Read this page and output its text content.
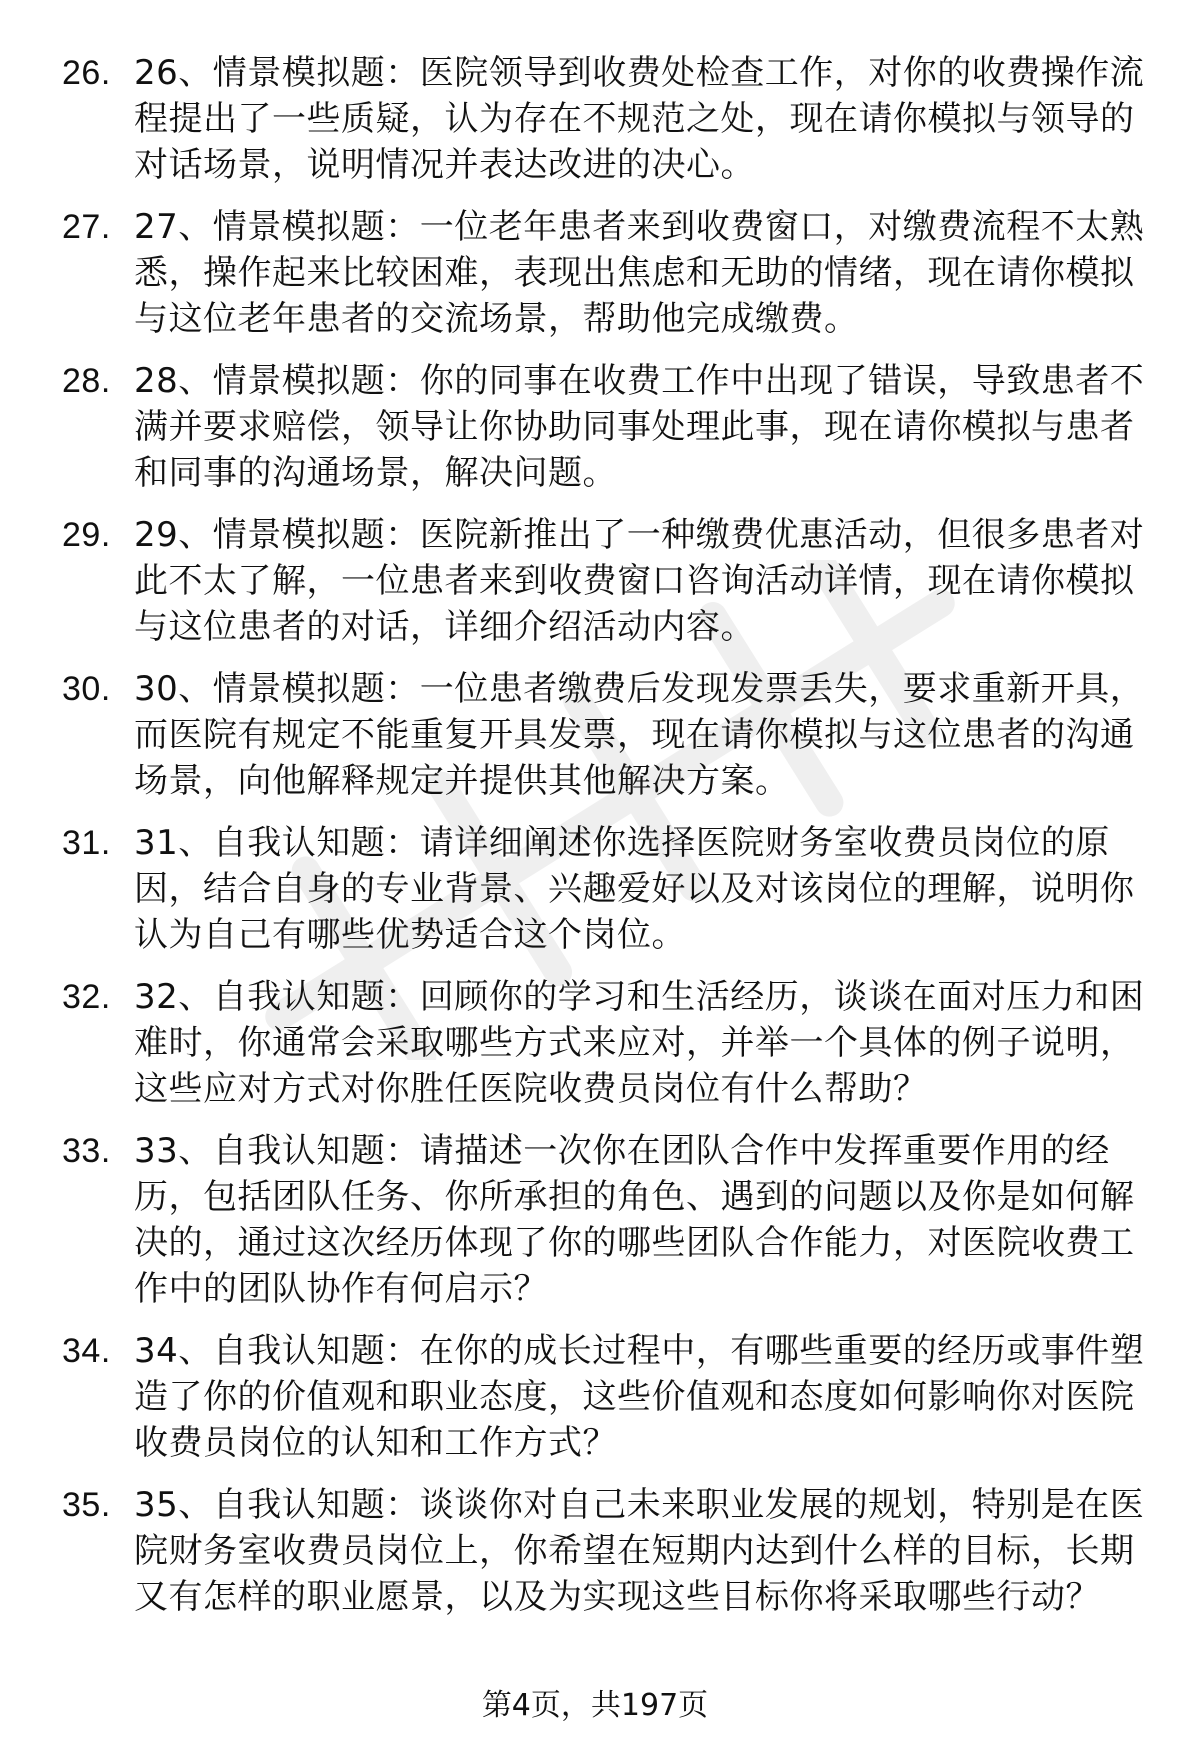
26. 26、情景模拟题：医院领导到收费处检查工作，对你的收费操作流程提出了一些质疑，认为存在不规范之处，现在请你模拟与领导的对话场景，说明情况并表达改进的决心。
27. 27、情景模拟题：一位老年患者来到收费窗口，对缴费流程不太熟悉，操作起来比较困难，表现出焦虑和无助的情绪，现在请你模拟与这位老年患者的交流场景，帮助他完成缴费。
28. 28、情景模拟题：你的同事在收费工作中出现了错误，导致患者不满并要求赔偿，领导让你协助同事处理此事，现在请你模拟与患者和同事的沟通场景，解决问题。
29. 29、情景模拟题：医院新推出了一种缴费优惠活动，但很多患者对此不太了解，一位患者来到收费窗口咨询活动详情，现在请你模拟与这位患者的对话，详细介绍活动内容。
30. 30、情景模拟题：一位患者缴费后发现发票丢失，要求重新开具，而医院有规定不能重复开具发票，现在请你模拟与这位患者的沟通场景，向他解释规定并提供其他解决方案。
31. 31、自我认知题：请详细阐述你选择医院财务室收费员岗位的原因，结合自身的专业背景、兴趣爱好以及对该岗位的理解，说明你认为自己有哪些优势适合这个岗位。
32. 32、自我认知题：回顾你的学习和生活经历，谈谈在面对压力和困难时，你通常会采取哪些方式来应对，并举一个具体的例子说明，这些应对方式对你胜任医院收费员岗位有什么帮助？
33. 33、自我认知题：请描述一次你在团队合作中发挥重要作用的经历，包括团队任务、你所承担的角色、遇到的问题以及你是如何解决的，通过这次经历体现了你的哪些团队合作能力，对医院收费工作中的团队协作有何启示？
34. 34、自我认知题：在你的成长过程中，有哪些重要的经历或事件塑造了你的价值观和职业态度，这些价值观和态度如何影响你对医院收费员岗位的认知和工作方式？
35. 35、自我认知题：谈谈你对自己未来职业发展的规划，特别是在医院财务室收费员岗位上，你希望在短期内达到什么样的目标，长期又有怎样的职业愿景，以及为实现这些目标你将采取哪些行动？
第4页，共197页
